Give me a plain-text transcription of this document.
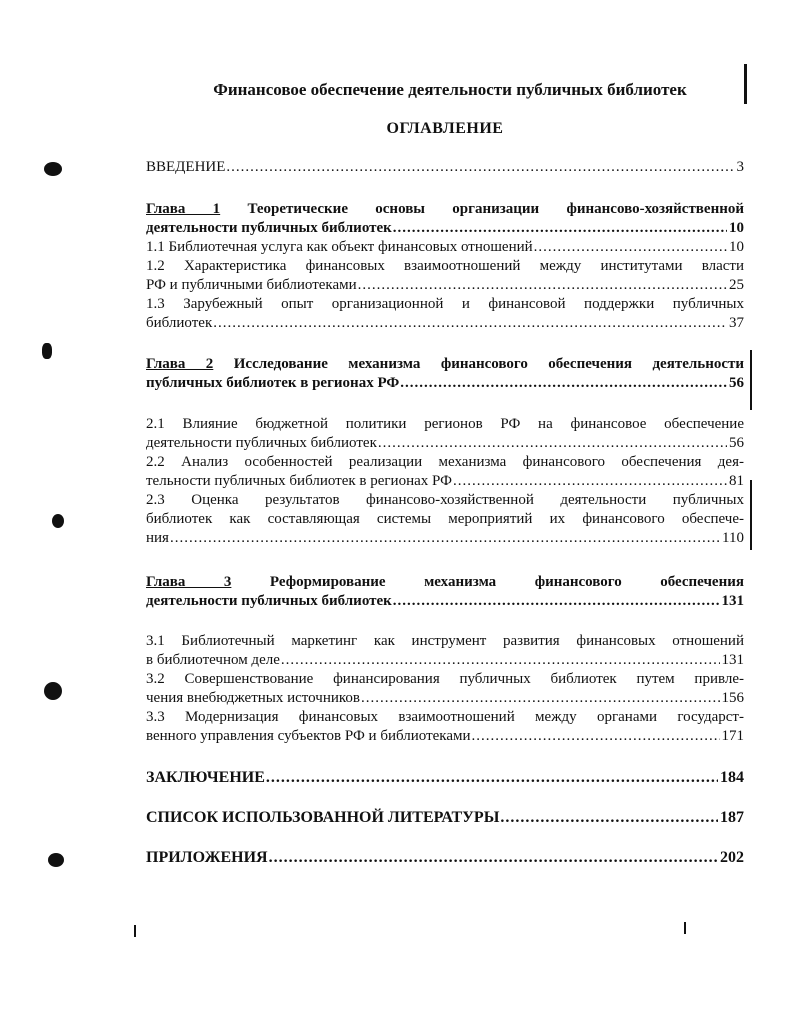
Финансовое обеспечение деятельности публичных библиотек
ОГЛАВЛЕНИЕ
ВВЕДЕНИЕ .....	3
Глава 1 Теоретические основы организации финансово-хозяйственной
деятельности публичных библиотек .....	10
1.1 Библиотечная услуга как объект финансовых отношений .....	10
1.2 Характеристика финансовых взаимоотношений между институтами власти
РФ и публичными библиотеками .....	25
1.3 Зарубежный опыт организационной и финансовой поддержки публичных
библиотек .....	37
Глава 2 Исследование механизма финансового обеспечения деятельности
публичных библиотек в регионах РФ .....	56
2.1 Влияние бюджетной политики регионов РФ на финансовое обеспечение
деятельности публичных библиотек .....	56
2.2 Анализ особенностей реализации механизма финансового обеспечения дея-
тельности публичных библиотек в регионах РФ .....	81
2.3 Оценка результатов финансово-хозяйственной деятельности публичных
библиотек как составляющая системы мероприятий их финансового обеспече-
ния .....	110
Глава 3	Реформирование механизма финансового обеспечения
деятельности публичных библиотек .....	131
3.1 Библиотечный маркетинг как инструмент развития финансовых отношений
в библиотечном деле .....	131
3.2 Совершенствование финансирования публичных библиотек путем привле-
чения внебюджетных источников .....	156
3.3 Модернизация финансовых взаимоотношений между органами государст-
венного управления субъектов РФ и библиотеками .....	171
ЗАКЛЮЧЕНИЕ .....	184
СПИСОК ИСПОЛЬЗОВАННОЙ ЛИТЕРАТУРЫ .....	187
ПРИЛОЖЕНИЯ .....	202
